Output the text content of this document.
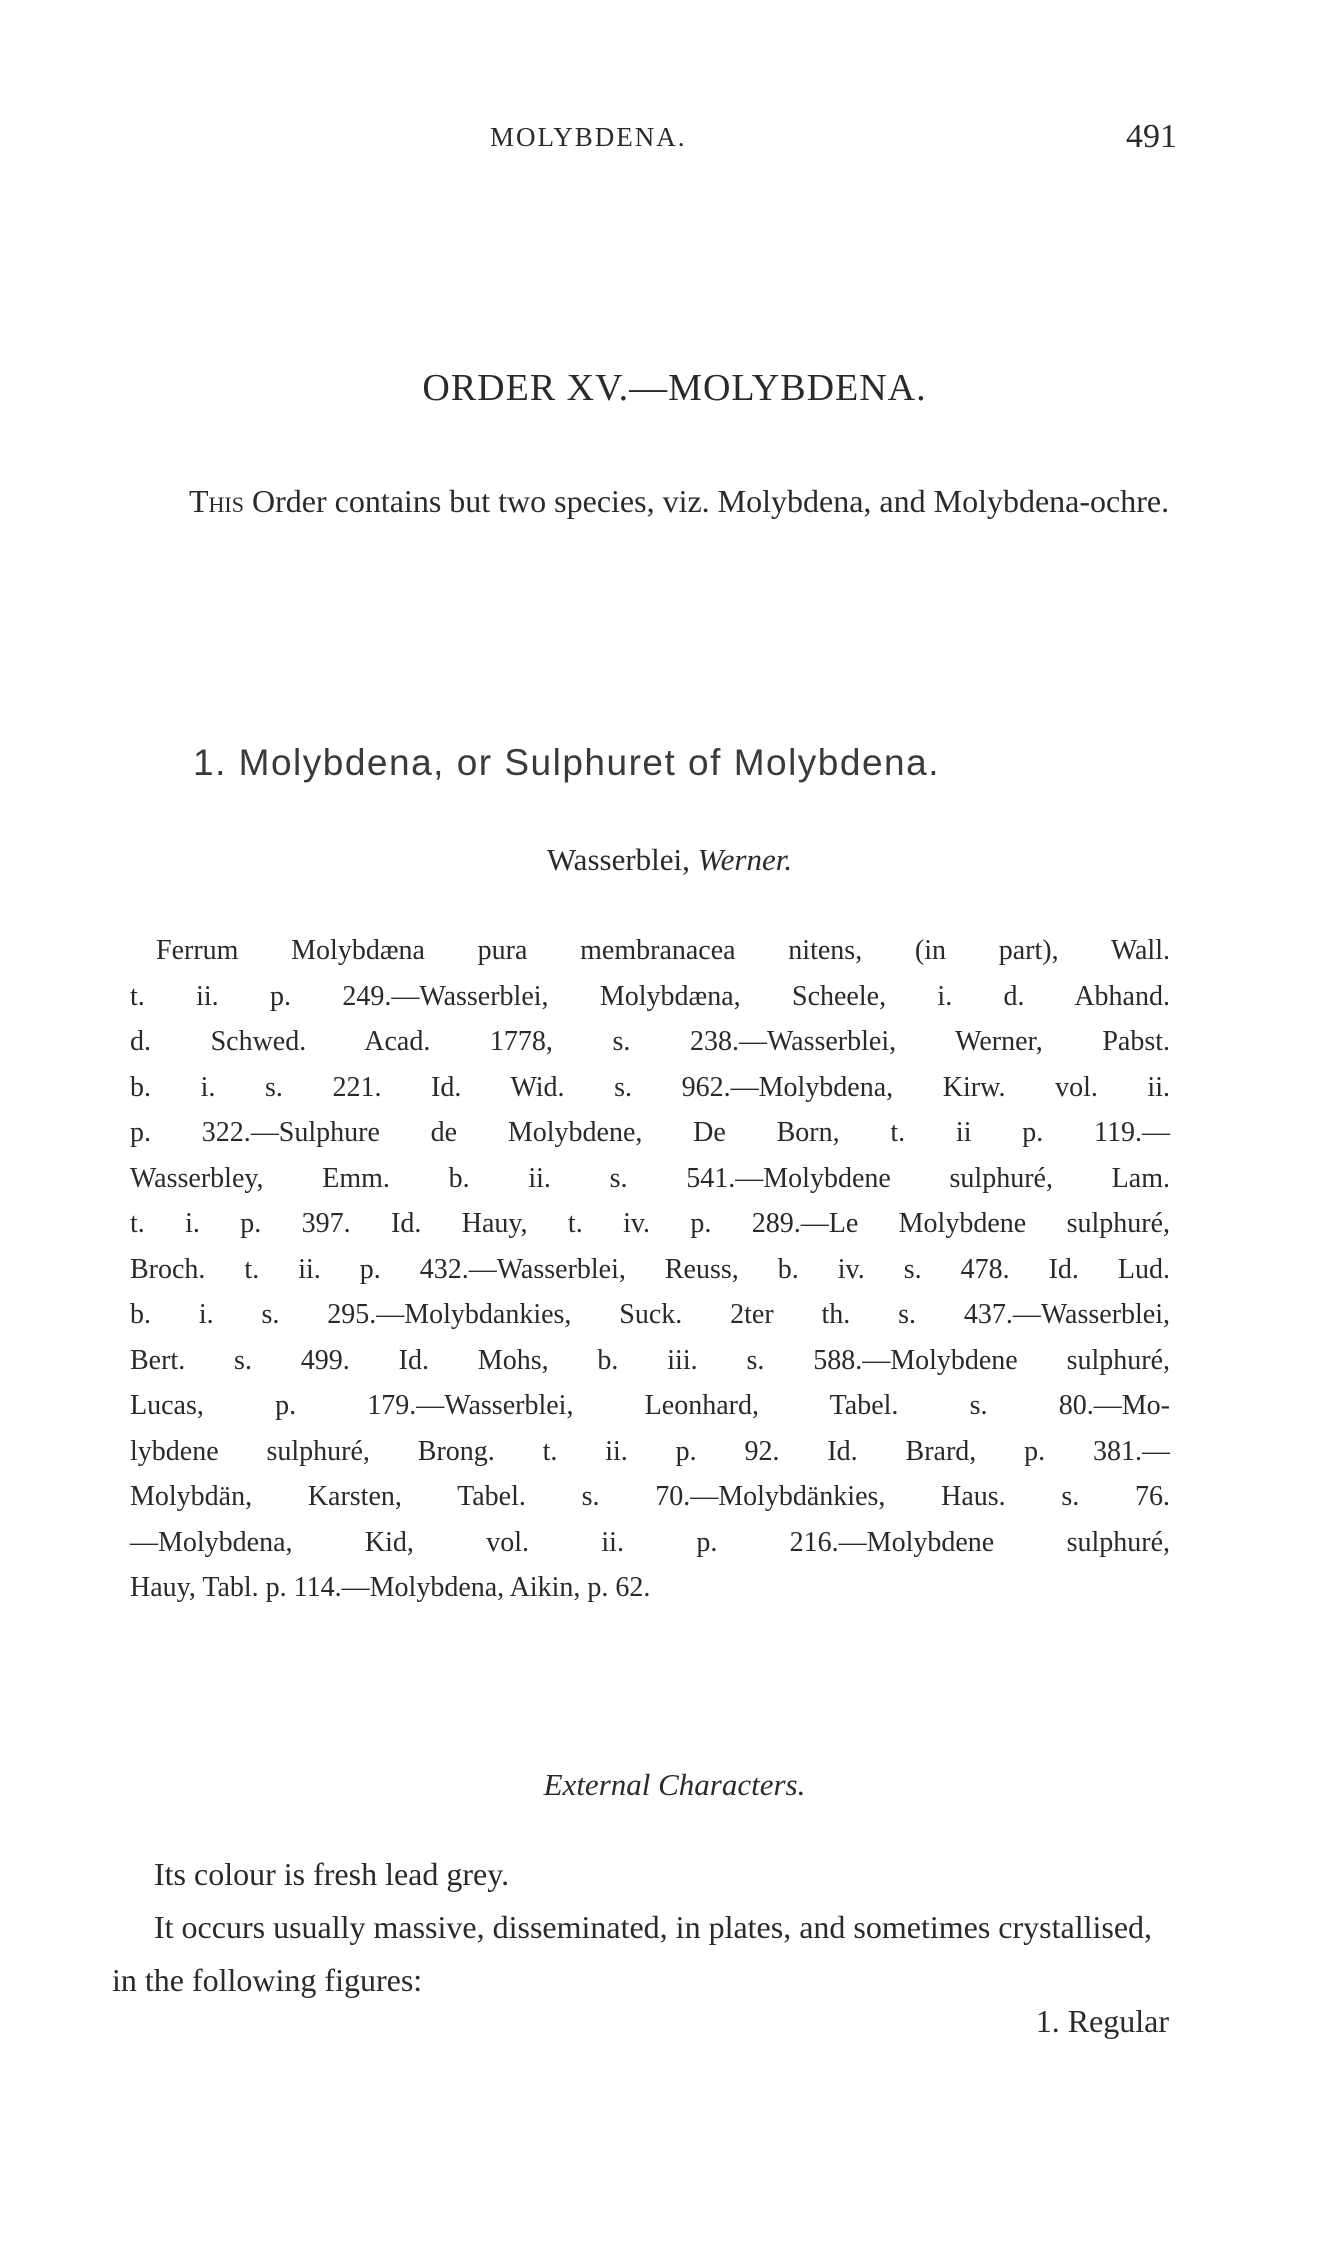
MOLYBDENA.	491
ORDER XV.—MOLYBDENA.
This Order contains but two species, viz. Molybdena, and Molybdena-ochre.
1. Molybdena, or Sulphuret of Molybdena.
Wasserblei, Werner.
Ferrum Molybdæna pura membranacea nitens, (in part), Wall.
t. ii. p. 249.—Wasserblei, Molybdæna, Scheele, i. d. Abhand.
d. Schwed. Acad. 1778, s. 238.—Wasserblei, Werner, Pabst.
b. i. s. 221. Id. Wid. s. 962.—Molybdena, Kirw. vol. ii.
p. 322.—Sulphure de Molybdene, De Born, t. ii p. 119.—
Wasserbley, Emm. b. ii. s. 541.—Molybdene sulphuré, Lam.
t. i. p. 397. Id. Hauy, t. iv. p. 289.—Le Molybdene sulphuré,
Broch. t. ii. p. 432.—Wasserblei, Reuss, b. iv. s. 478. Id. Lud.
b. i. s. 295.—Molybdankies, Suck. 2ter th. s. 437.—Wasserblei,
Bert. s. 499. Id. Mohs, b. iii. s. 588.—Molybdene sulphuré,
Lucas, p. 179.—Wasserblei, Leonhard, Tabel. s. 80.—Mo-
lybdene sulphuré, Brong. t. ii. p. 92. Id. Brard, p. 381.—
Molybdän, Karsten, Tabel. s. 70.—Molybdänkies, Haus. s. 76.
—Molybdena, Kid, vol. ii. p. 216.—Molybdene sulphuré,
Hauy, Tabl. p. 114.—Molybdena, Aikin, p. 62.
External Characters.

Its colour is fresh lead grey.

It occurs usually massive, disseminated, in plates, and sometimes crystallised, in the following figures:

1. Regular
